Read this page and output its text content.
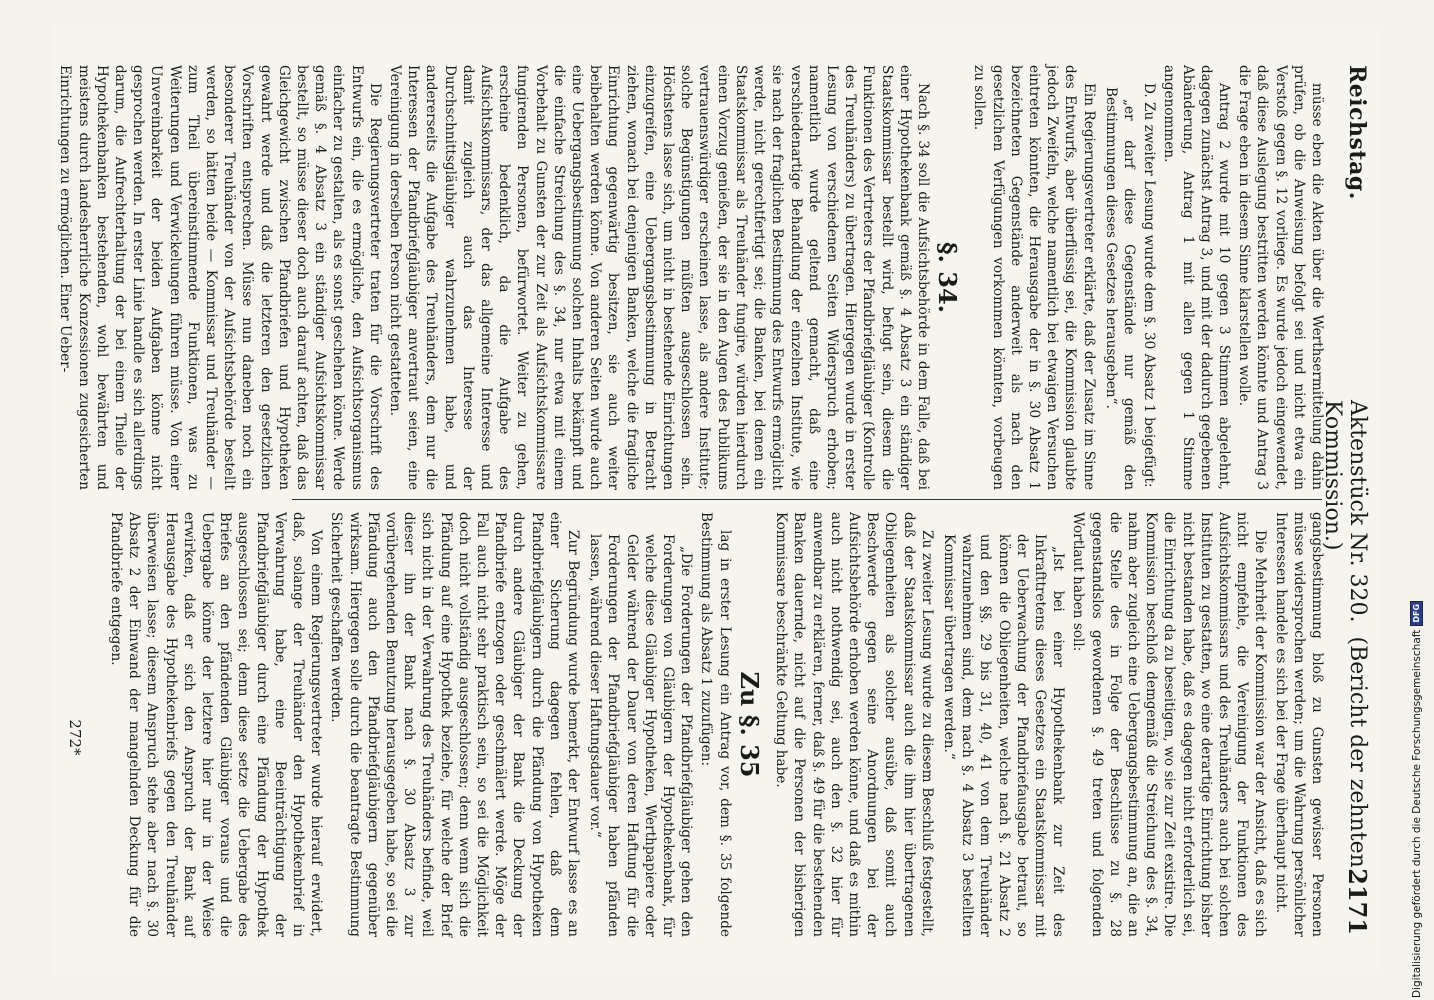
Reichstag.
Aktenstück Nr. 320.  (Bericht der zehnten Kommission.)
2171

müsse eben die Akten über die Werthsermittelung dahin prüfen, ob die Anweisung befolgt sei und nicht etwa ein Verstoß gegen §. 12 vorliege. Es wurde jedoch eingewendet, daß diese Auslegung bestritten werden könnte und Antrag 3 die Frage eben in diesem Sinne klarstellen wolle.

Antrag 2 wurde mit 10 gegen 3 Stimmen abgelehnt, dagegen zunächst Antrag 3, und mit der dadurch gegebenen Abänderung, Antrag 1 mit allen gegen 1 Stimme angenommen.

D. Zu zweiter Lesung wurde dem §. 30 Absatz 1 beigefügt:

„er darf diese Gegenstände nur gemäß den Bestimmungen dieses Gesetzes herausgeben“.

Ein Regierungsvertreter erklärte, daß der Zusatz im Sinne des Entwurfs, aber überflüssig sei, die Kommission glaubte jedoch Zweifeln, welche namentlich bei etwaigen Versuchen eintreten könnten, die Herausgabe der in §. 30 Absatz 1 bezeichneten Gegenstände anderweit als nach den gesetzlichen Verfügungen vorkommen könnten, vorbeugen zu sollen.

§. 34.

Nach §. 34 soll die Aufsichtsbehörde in dem Falle, daß bei einer Hypothekenbank gemäß §. 4 Absatz 3 ein ständiger Staatskommissar bestellt wird, befugt sein, diesem die Funktionen des Vertreters der Pfandbriefgläubiger (Kontrolle des Treuhänders) zu übertragen. Hiergegen wurde in erster Lesung von verschiedenen Seiten Widerspruch erhoben; namentlich wurde geltend gemacht, daß eine verschiedenartige Behandlung der einzelnen Institute, wie sie nach der fraglichen Bestimmung des Entwurfs ermöglicht werde, nicht gerechtfertigt sei; die Banken, bei denen ein Staatskommissar als Treuhänder fungire, würden hierdurch einen Vorzug genießen, der sie in den Augen des Publikums vertrauenswürdiger erscheinen lasse, als andere Institute; solche Begünstigungen müßten ausgeschlossen sein. Höchstens lasse sich, um nicht in bestehende Einrichtungen einzugreifen, eine Uebergangsbestimmung in Betracht ziehen, wonach bei denjenigen Banken, welche die fragliche Einrichtung gegenwärtig besitzen, sie auch weiter beibehalten werden könne. Von anderen Seiten wurde auch eine Uebergangsbestimmung solchen Inhalts bekämpft und die einfache Streichung des §. 34, nur etwa mit einem Vorbehalt zu Gunsten der zur Zeit als Aufsichtskommissare fungirenden Personen, befürwortet. Weiter zu gehen, erscheine bedenklich, da die Aufgabe des Aufsichtskommissars, der das allgemeine Interesse und damit zugleich auch das Interesse der Durchschnittsgläubiger wahrzunehmen habe, und andererseits die Aufgabe des Treuhänders, dem nur die Interessen der Pfandbriefgläubiger anvertraut seien, eine Vereinigung in derselben Person nicht gestatteten.

Die Regierungsvertreter traten für die Vorschrift des Entwurfs ein, die es ermögliche, den Aufsichtsorganismus einfacher zu gestalten, als es sonst geschehen könne. Werde gemäß §. 4 Absatz 3 ein ständiger Aufsichtskommissar bestellt, so müsse dieser doch auch darauf achten, daß das Gleichgewicht zwischen Pfandbriefen und Hypotheken gewahrt werde und daß die letzteren den gesetzlichen Vorschriften entsprechen. Müsse nun daneben noch ein besonderer Treuhänder von der Aufsichtsbehörde bestellt werden, so hätten beide — Kommissar und Treuhänder — zum Theil übereinstimmende Funktionen, was zu Weiterungen und Verwickelungen führen müsse. Von einer Unvereinbarkeit der beiden Aufgaben könne nicht gesprochen werden. In erster Linie handle es sich allerdings darum, die Aufrechterhaltung der bei einem Theile der Hypothekenbanken bestehenden, wohl bewährten und meistens durch landesherrliche Konzessionen zugesicherten Einrichtungen zu ermöglichen. Einer Ueber-

gangsbestimmung bloß zu Gunsten gewisser Personen müsse widersprochen werden; um die Wahrung persönlicher Interessen handele es sich bei der Frage überhaupt nicht.

Die Mehrheit der Kommission war der Ansicht, daß es sich nicht empfehle, die Vereinigung der Funktionen des Aufsichtskommissars und des Treuhänders auch bei solchen Instituten zu gestatten, wo eine derartige Einrichtung bisher nicht bestanden habe, daß es dagegen nicht erforderlich sei, die Einrichtung da zu beseitigen, wo sie zur Zeit existire. Die Kommission beschloß demgemäß die Streichung des §. 34, nahm aber zugleich eine Uebergangsbestimmung an, die an die Stelle des in Folge der Beschlüsse zu §. 28 gegenstandslos gewordenen §. 49 treten und folgenden Wortlaut haben soll:

„Ist bei einer Hypothekenbank zur Zeit des Inkrafttretens dieses Gesetzes ein Staatskommissar mit der Ueberwachung der Pfandbriefausgabe betraut, so können die Obliegenheiten, welche nach §. 21 Absatz 2 und den §§. 29 bis 31, 40, 41 von dem Treuhänder wahrzunehmen sind, dem nach §. 4 Absatz 3 bestellten Kommissar übertragen werden.“

Zu zweiter Lesung wurde zu diesem Beschluß festgestellt, daß der Staatskommissar auch die ihm hier übertragenen Obliegenheiten als solcher ausübe, daß somit auch Beschwerde gegen seine Anordnungen bei der Aufsichtsbehörde erhoben werden könne, und daß es mithin auch nicht nothwendig sei, auch den §. 32 hier für anwendbar zu erklären, ferner, daß §. 49 für die bestehenden Banken dauernde, nicht auf die Personen der bisherigen Kommissare beschränkte Geltung habe.

Zu §. 35

lag in erster Lesung ein Antrag vor, dem §. 35 folgende Bestimmung als Absatz 1 zuzufügen:

„Die Forderungen der Pfandbriefgläubiger gehen den Forderungen von Gläubigern der Hypothekenbank, für welche diese Gläubiger Hypotheken, Werthpapiere oder Gelder während der Dauer von deren Haftung für die Forderungen der Pfandbriefgläubiger haben pfänden lassen, während dieser Haftungsdauer vor.“

Zur Begründung wurde bemerkt, der Entwurf lasse es an einer Sicherung dagegen fehlen, daß dem Pfandbriefgläubigern durch die Pfändung von Hypotheken durch andere Gläubiger der Bank die Deckung der Pfandbriefe entzogen oder geschmälert werde. Möge der Fall auch nicht sehr praktisch sein, so sei die Möglichkeit doch nicht vollständig ausgeschlossen; denn wenn sich die Pfändung auf eine Hypothek beziehe, für welche der Brief sich nicht in der Verwahrung des Treuhänders befinde, weil dieser ihn der Bank nach §. 30 Absatz 3 zur vorübergehenden Benutzung herausgegeben habe, so sei die Pfändung auch den Pfandbriefgläubigern gegenüber wirksam. Hiergegen solle durch die beantragte Bestimmung Sicherheit geschaffen werden.

Von einem Regierungsvertreter wurde hierauf erwidert, daß, solange der Treuhänder den Hypothekenbrief in Verwahrung habe, eine Beeinträchtigung der Pfandbriefgläubiger durch eine Pfändung der Hypothek ausgeschlossen sei; denn diese setze die Uebergabe des Briefes an den pfändenden Gläubiger voraus und die Uebergabe könne der letztere hier nur in der Weise erwirken, daß er sich den Anspruch der Bank auf Herausgabe des Hypothekenbriefs gegen den Treuhänder überweisen lasse; diesem Anspruch stehe aber nach §. 30 Absatz 2 der Einwand der mangelnden Deckung für die Pfandbriefe entgegen.

272*	Digitalisierung gefördert durch die Deutsche Forschungsgemeinschaft
DFG
